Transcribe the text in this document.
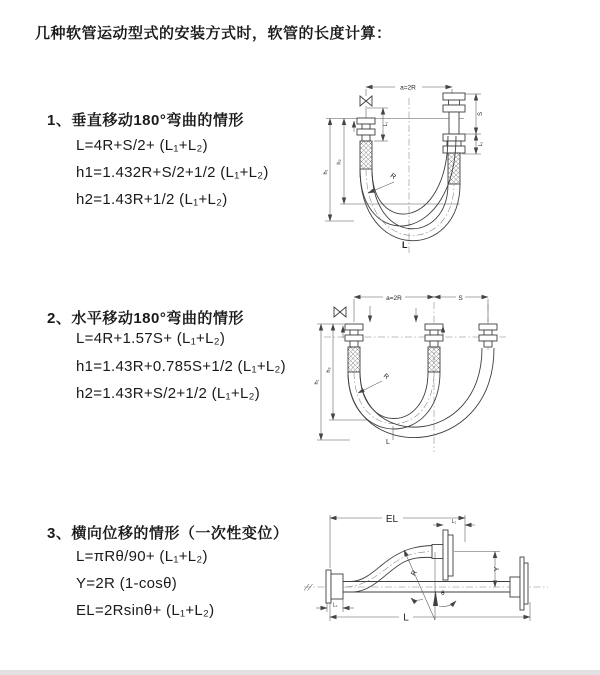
几种软管运动型式的安装方式时，软管的长度计算：
1、垂直移动180°弯曲的情形
L=4R+S/2+ (L₁+L₂)
h1=1.432R+S/2+1/2 (L₁+L₂)
h2=1.43R+1/2 (L₁+L₂)
2、水平移动180°弯曲的情形
L=4R+1.57S+ (L₁+L₂)
h1=1.43R+0.785S+1/2 (L₁+L₂)
h2=1.43R+S/2+1/2 (L₁+L₂)
3、横向位移的情形（一次性变位）
L=πRθ/90+ (L₁+L₂)
Y=2R (1-cosθ)
EL=2Rsinθ+ (L₁+L₂)
a=2R
S
L₂
h₁
h₂
L₁
R
L
a=2R	S
h₁
h₂
R
L
EL	L₂
L₁
L
Y
R
θ
